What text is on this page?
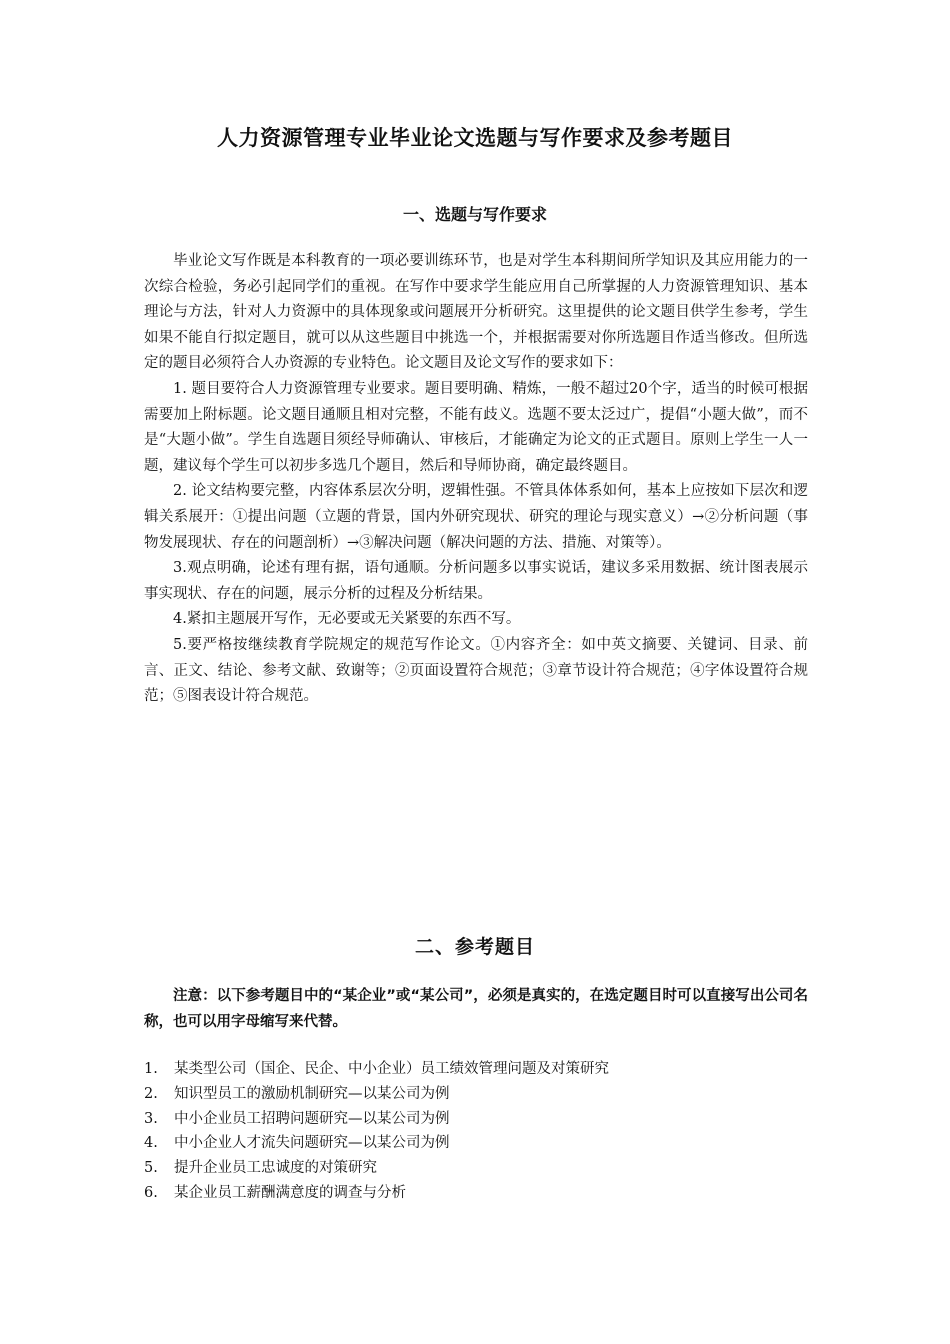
人力资源管理专业毕业论文选题与写作要求及参考题目
一、选题与写作要求

毕业论文写作既是本科教育的一项必要训练环节，也是对学生本科期间所学知识及其应用能力的一次综合检验，务必引起同学们的重视。在写作中要求学生能应用自己所掌握的人力资源管理知识、基本理论与方法，针对人力资源中的具体现象或问题展开分析研究。这里提供的论文题目供学生参考，学生如果不能自行拟定题目，就可以从这些题目中挑选一个，并根据需要对你所选题目作适当修改。但所选定的题目必须符合人办资源的专业特色。论文题目及论文写作的要求如下：

1. 题目要符合人力资源管理专业要求。题目要明确、精炼，一般不超过20个字，适当的时候可根据需要加上附标题。论文题目通顺且相对完整，不能有歧义。选题不要太泛过广，提倡“小题大做”，而不是“大题小做”。学生自选题目须经导师确认、审核后，才能确定为论文的正式题目。原则上学生一人一题，建议每个学生可以初步多选几个题目，然后和导师协商，确定最终题目。

2. 论文结构要完整，内容体系层次分明，逻辑性强。不管具体体系如何，基本上应按如下层次和逻辑关系展开：①提出问题（立题的背景，国内外研究现状、研究的理论与现实意义）→②分析问题（事物发展现状、存在的问题剖析）→③解决问题（解决问题的方法、措施、对策等）。

3.观点明确，论述有理有据，语句通顺。分析问题多以事实说话，建议多采用数据、统计图表展示事实现状、存在的问题，展示分析的过程及分析结果。

4.紧扣主题展开写作，无必要或无关紧要的东西不写。

5.要严格按继续教育学院规定的规范写作论文。①内容齐全：如中英文摘要、关键词、目录、前言、正文、结论、参考文献、致谢等；②页面设置符合规范；③章节设计符合规范；④字体设置符合规范；⑤图表设计符合规范。

二、参考题目
注意：以下参考题目中的“某企业”或“某公司”，必须是真实的，在选定题目时可以直接写出公司名称，也可以用字母缩写来代替。
1.	某类型公司（国企、民企、中小企业）员工绩效管理问题及对策研究
2.	知识型员工的激励机制研究—以某公司为例
3.	中小企业员工招聘问题研究—以某公司为例
4.	中小企业人才流失问题研究—以某公司为例
5.	提升企业员工忠诚度的对策研究
6.	某企业员工薪酬满意度的调查与分析
